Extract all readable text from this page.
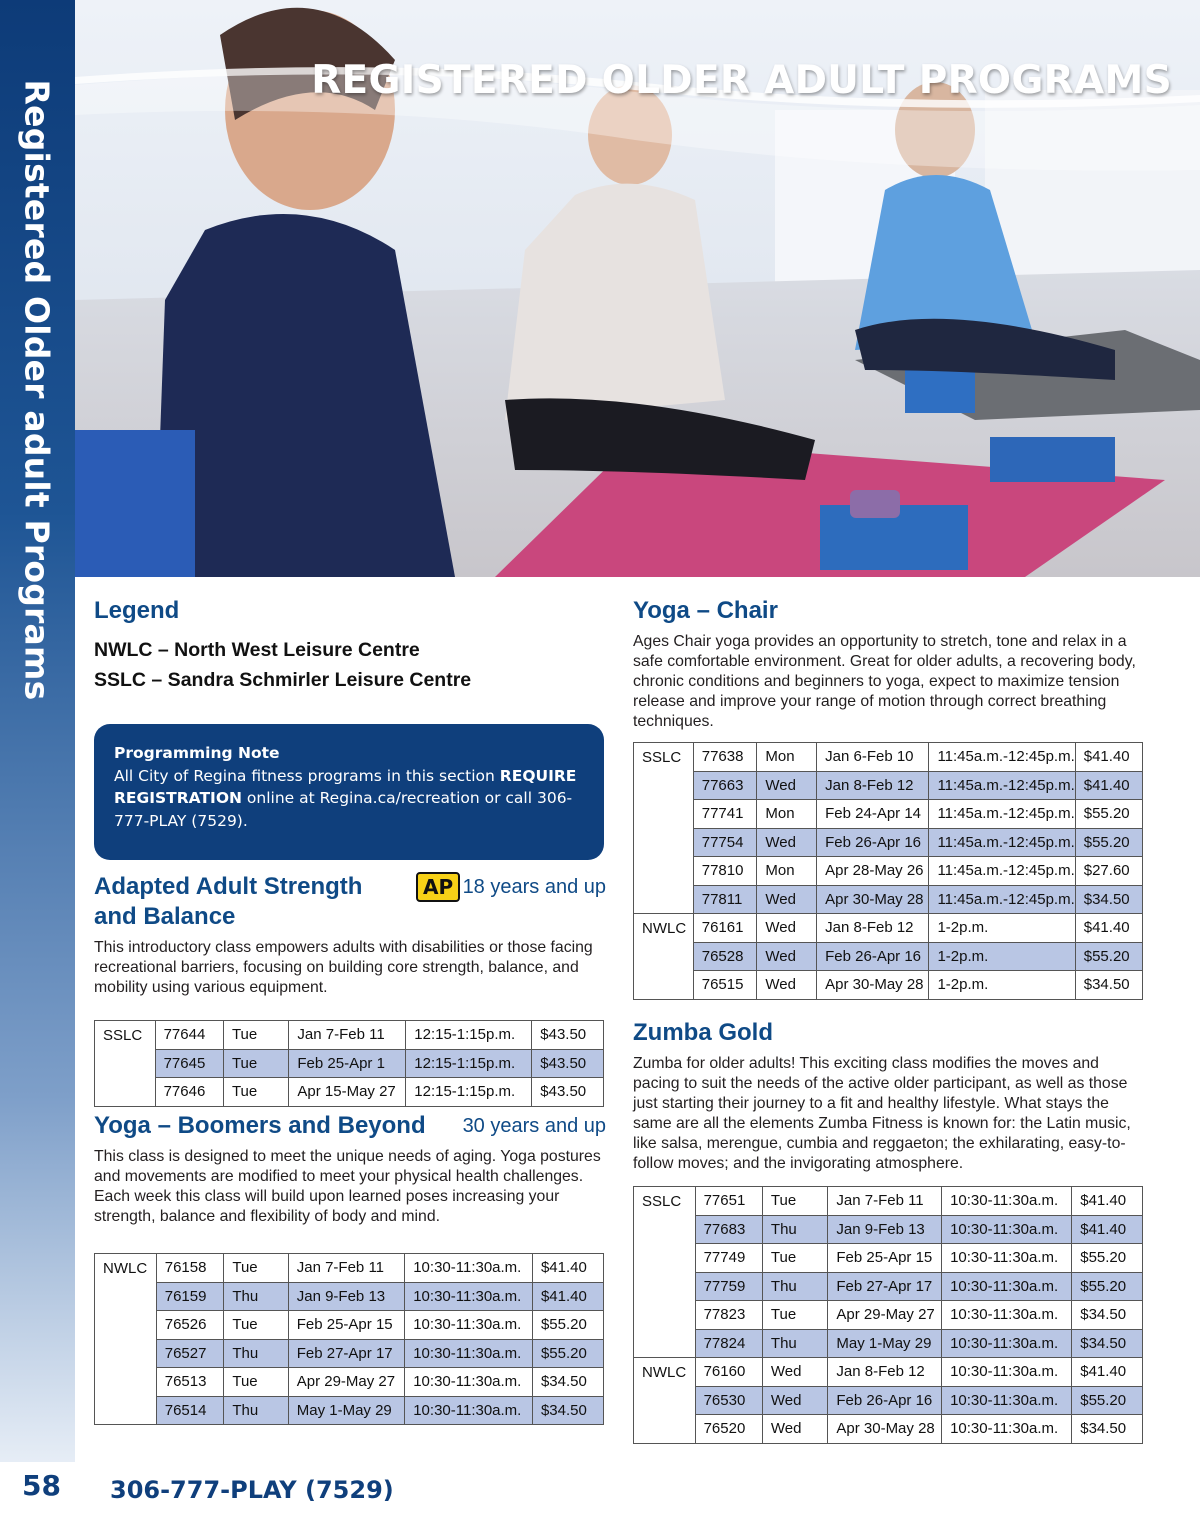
Registered Older adult Programs	REGISTERED OLDER ADULT PROGRAMS
Legend
NWLC – North West Leisure Centre
SSLC – Sandra Schmirler Leisure Centre
Programming Note
All City of Regina fitness programs in this section REQUIRE REGISTRATION online at Regina.ca/recreation or call 306-777-PLAY (7529).
Adapted Adult Strength and Balance
AP 18 years and up

This introductory class empowers adults with disabilities or those facing recreational barriers, focusing on building core strength, balance, and mobility using various equipment.

SSLC	77644	Tue	Jan 7-Feb 11	12:15-1:15p.m.	$43.50
	77645	Tue	Feb 25-Apr 1	12:15-1:15p.m.	$43.50
	77646	Tue	Apr 15-May 27	12:15-1:15p.m.	$43.50
Yoga – Boomers and Beyond 30 years and up

This class is designed to meet the unique needs of aging. Yoga postures and movements are modified to meet your physical health challenges. Each week this class will build upon learned poses increasing your strength, balance and flexibility of body and mind.

NWLC	76158	Tue	Jan 7-Feb 11	10:30-11:30a.m.	$41.40
	76159	Thu	Jan 9-Feb 13	10:30-11:30a.m.	$41.40
	76526	Tue	Feb 25-Apr 15	10:30-11:30a.m.	$55.20
	76527	Thu	Feb 27-Apr 17	10:30-11:30a.m.	$55.20
	76513	Tue	Apr 29-May 27	10:30-11:30a.m.	$34.50
	76514	Thu	May 1-May 29	10:30-11:30a.m.	$34.50
Yoga – Chair

Ages Chair yoga provides an opportunity to stretch, tone and relax in a safe comfortable environment. Great for older adults, a recovering body, chronic conditions and beginners to yoga, expect to maximize tension release and improve your range of motion through correct breathing techniques.

SSLC	77638	Mon	Jan 6-Feb 10	11:45a.m.-12:45p.m.	$41.40
	77663	Wed	Jan 8-Feb 12	11:45a.m.-12:45p.m.	$41.40
	77741	Mon	Feb 24-Apr 14	11:45a.m.-12:45p.m.	$55.20
	77754	Wed	Feb 26-Apr 16	11:45a.m.-12:45p.m.	$55.20
	77810	Mon	Apr 28-May 26	11:45a.m.-12:45p.m.	$27.60
	77811	Wed	Apr 30-May 28	11:45a.m.-12:45p.m.	$34.50
NWLC	76161	Wed	Jan 8-Feb 12	1-2p.m.	$41.40
	76528	Wed	Feb 26-Apr 16	1-2p.m.	$55.20
	76515	Wed	Apr 30-May 28	1-2p.m.	$34.50
Zumba Gold

Zumba for older adults! This exciting class modifies the moves and pacing to suit the needs of the active older participant, as well as those just starting their journey to a fit and healthy lifestyle. What stays the same are all the elements Zumba Fitness is known for: the Latin music, like salsa, merengue, cumbia and reggaeton; the exhilarating, easy-to-follow moves; and the invigorating atmosphere.

SSLC	77651	Tue	Jan 7-Feb 11	10:30-11:30a.m.	$41.40
	77683	Thu	Jan 9-Feb 13	10:30-11:30a.m.	$41.40
	77749	Tue	Feb 25-Apr 15	10:30-11:30a.m.	$55.20
	77759	Thu	Feb 27-Apr 17	10:30-11:30a.m.	$55.20
	77823	Tue	Apr 29-May 27	10:30-11:30a.m.	$34.50
	77824	Thu	May 1-May 29	10:30-11:30a.m.	$34.50
NWLC	76160	Wed	Jan 8-Feb 12	10:30-11:30a.m.	$41.40
	76530	Wed	Feb 26-Apr 16	10:30-11:30a.m.	$55.20
	76520	Wed	Apr 30-May 28	10:30-11:30a.m.	$34.50
58 306-777-PLAY (7529)
